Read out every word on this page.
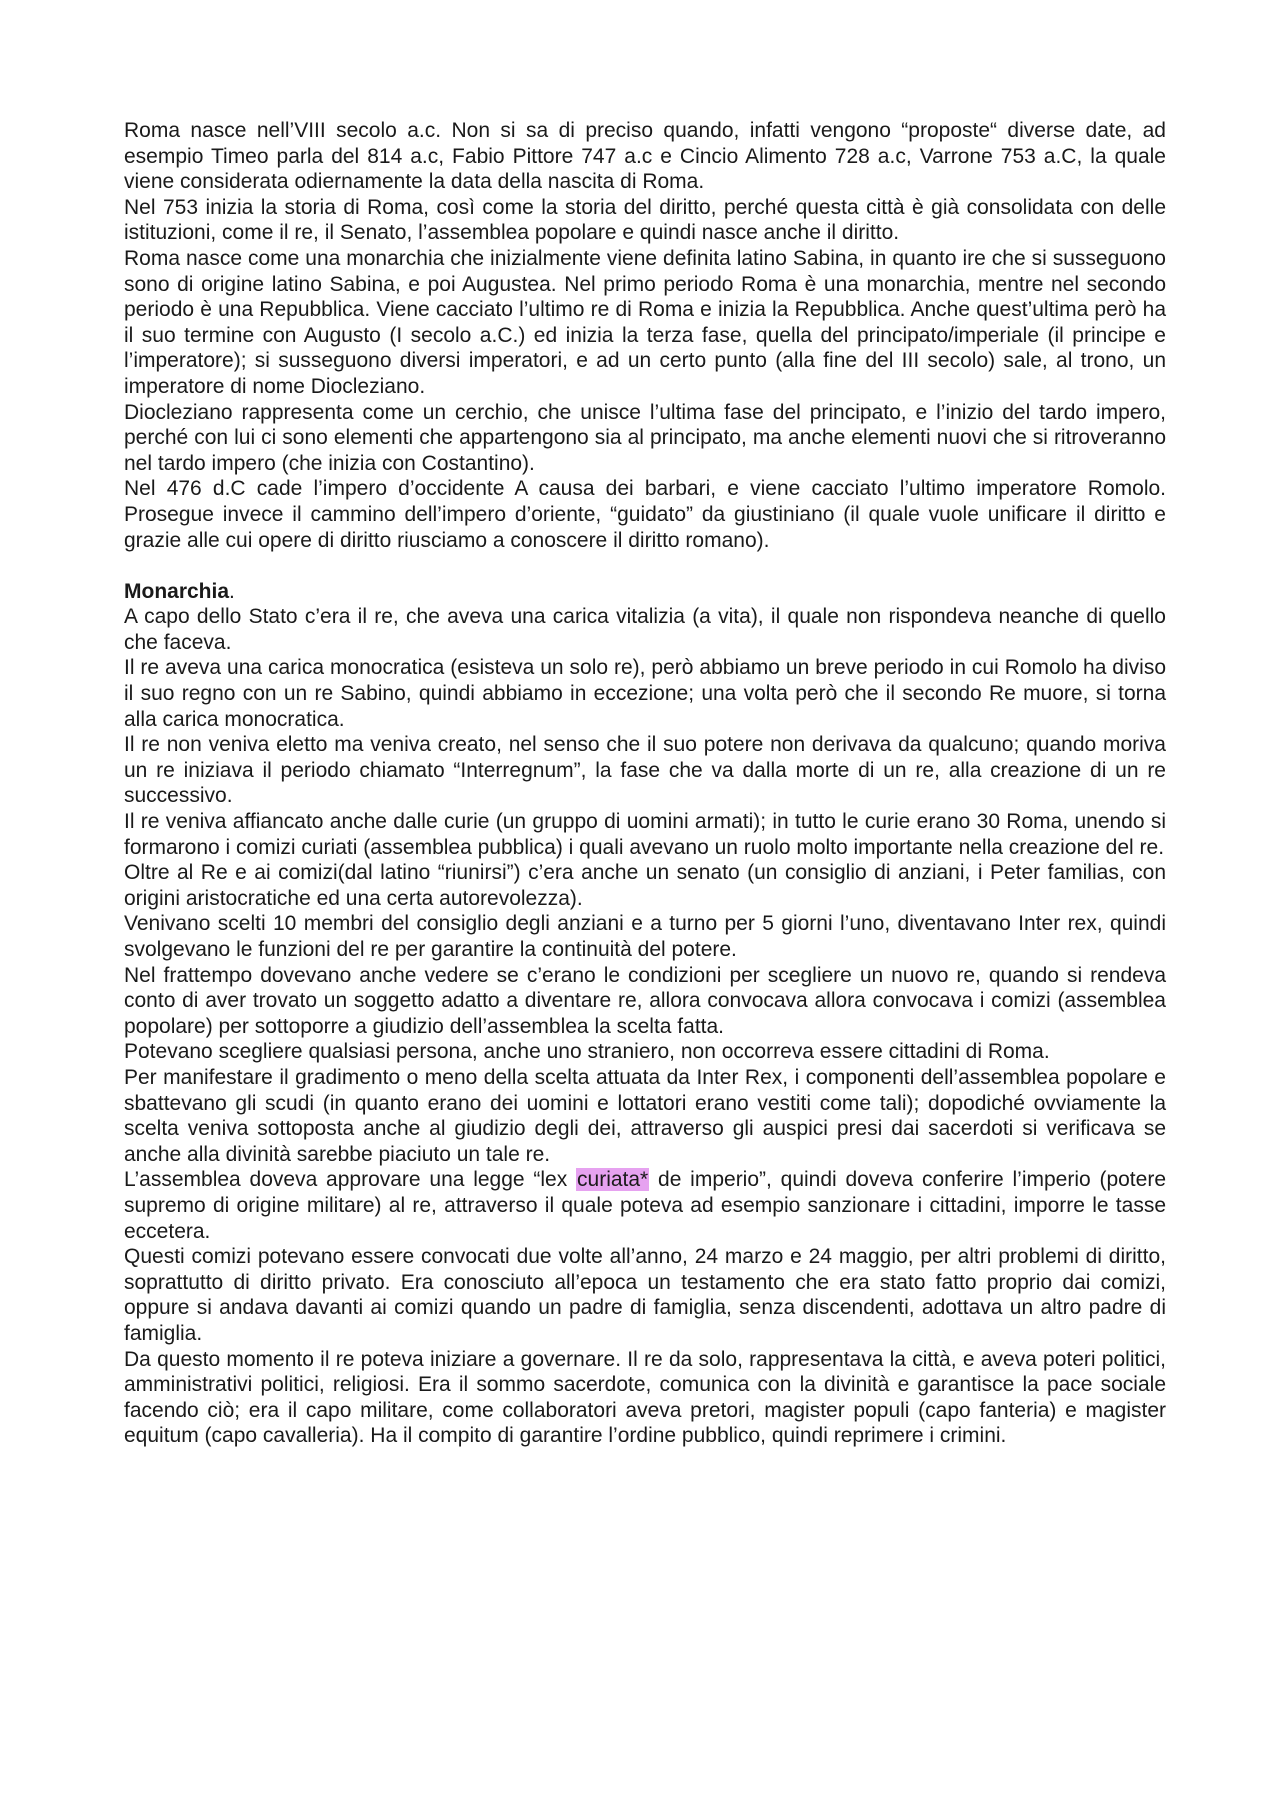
Roma nasce nell’VIII secolo a.c. Non si sa di preciso quando, infatti vengono “proposte“ diverse date, ad esempio Timeo parla del 814 a.c, Fabio Pittore 747 a.c e Cincio Alimento 728 a.c, Varrone 753 a.C, la quale viene considerata odiernamente la data della nascita di Roma.

Nel 753 inizia la storia di Roma, così come la storia del diritto, perché questa città è già consolidata con delle istituzioni, come il re, il Senato, l’assemblea popolare e quindi nasce anche il diritto.

Roma nasce come una monarchia che inizialmente viene definita latino Sabina, in quanto ire che si susseguono sono di origine latino Sabina, e poi Augustea. Nel primo periodo Roma è una monarchia, mentre nel secondo periodo è una Repubblica. Viene cacciato l’ultimo re di Roma e inizia la Repubblica. Anche quest’ultima però ha il suo termine con Augusto (I secolo a.C.) ed inizia la terza fase, quella del principato/imperiale (il principe e l’imperatore); si susseguono diversi imperatori, e ad un certo punto (alla fine del III secolo) sale, al trono, un imperatore di nome Diocleziano.

Diocleziano rappresenta come un cerchio, che unisce l’ultima fase del principato, e l’inizio del tardo impero, perché con lui ci sono elementi che appartengono sia al principato, ma anche elementi nuovi che si ritroveranno nel tardo impero (che inizia con Costantino).

Nel 476 d.C cade l’impero d’occidente A causa dei barbari, e viene cacciato l’ultimo imperatore Romolo. Prosegue invece il cammino dell’impero d’oriente, “guidato” da giustiniano (il quale vuole unificare il diritto e grazie alle cui opere di diritto riusciamo a conoscere il diritto romano).

Monarchia.

A capo dello Stato c’era il re, che aveva una carica vitalizia (a vita), il quale non rispondeva neanche di quello che faceva.

Il re aveva una carica monocratica (esisteva un solo re), però abbiamo un breve periodo in cui Romolo ha diviso il suo regno con un re Sabino, quindi abbiamo in eccezione; una volta però che il secondo Re muore, si torna alla carica monocratica.

Il re non veniva eletto ma veniva creato, nel senso che il suo potere non derivava da qualcuno; quando moriva un re iniziava il periodo chiamato “Interregnum”, la fase che va dalla morte di un re, alla creazione di un re successivo.

Il re veniva affiancato anche dalle curie (un gruppo di uomini armati); in tutto le curie erano 30 Roma, unendo si formarono i comizi curiati (assemblea pubblica) i quali avevano un ruolo molto importante nella creazione del re.

Oltre al Re e ai comizi(dal latino “riunirsi”) c’era anche un senato (un consiglio di anziani, i Peter familias, con origini aristocratiche ed una certa autorevolezza).

Venivano scelti 10 membri del consiglio degli anziani e a turno per 5 giorni l’uno, diventavano Inter rex, quindi svolgevano le funzioni del re per garantire la continuità del potere.

Nel frattempo dovevano anche vedere se c’erano le condizioni per scegliere un nuovo re, quando si rendeva conto di aver trovato un soggetto adatto a diventare re, allora convocava allora convocava i comizi (assemblea popolare) per sottoporre a giudizio dell’assemblea la scelta fatta.

Potevano scegliere qualsiasi persona, anche uno straniero, non occorreva essere cittadini di Roma.

Per manifestare il gradimento o meno della scelta attuata da Inter Rex, i componenti dell’assemblea popolare e sbattevano gli scudi (in quanto erano dei uomini e lottatori erano vestiti come tali); dopodiché ovviamente la scelta veniva sottoposta anche al giudizio degli dei, attraverso gli auspici presi dai sacerdoti si verificava se anche alla divinità sarebbe piaciuto un tale re.

L’assemblea doveva approvare una legge “lex curiata* de imperio”, quindi doveva conferire l’imperio (potere supremo di origine militare) al re, attraverso il quale poteva ad esempio sanzionare i cittadini, imporre le tasse eccetera.

Questi comizi potevano essere convocati due volte all’anno, 24 marzo e 24 maggio, per altri problemi di diritto, soprattutto di diritto privato. Era conosciuto all’epoca un testamento che era stato fatto proprio dai comizi, oppure si andava davanti ai comizi quando un padre di famiglia, senza discendenti, adottava un altro padre di famiglia.

Da questo momento il re poteva iniziare a governare. Il re da solo, rappresentava la città, e aveva poteri politici, amministrativi politici, religiosi. Era il sommo sacerdote, comunica con la divinità e garantisce la pace sociale facendo ciò; era il capo militare, come collaboratori aveva pretori, magister populi (capo fanteria) e magister equitum (capo cavalleria). Ha il compito di garantire l’ordine pubblico, quindi reprimere i crimini.
